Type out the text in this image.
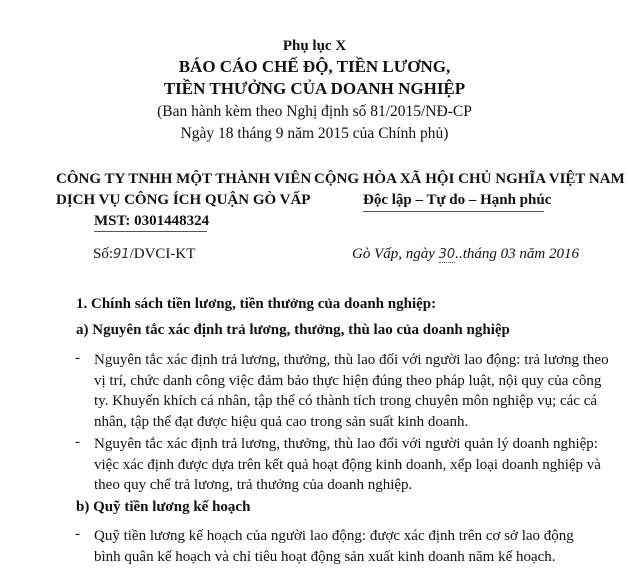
Phụ lục X
BÁO CÁO CHẾ ĐỘ, TIỀN LƯƠNG,
TIỀN THƯỞNG CỦA DOANH NGHIỆP
(Ban hành kèm theo Nghị định số 81/2015/NĐ-CP
Ngày 18 tháng 9 năm 2015 của Chính phủ)
CÔNG TY TNHH MỘT THÀNH VIÊN
DỊCH VỤ CÔNG ÍCH QUẬN GÒ VẤP
MST: 0301448324
CỘNG HÒA XÃ HỘI CHỦ NGHĨA VIỆT NAM
Độc lập – Tự do – Hạnh phúc
Số:91/DVCI-KT	Gò Vấp, ngày 30..tháng 03 năm 2016
1. Chính sách tiền lương, tiền thưởng của doanh nghiệp:
a) Nguyên tắc xác định trả lương, thưởng, thù lao của doanh nghiệp
- Nguyên tắc xác định trả lương, thưởng, thù lao đối với người lao động: trả lương theo
vị trí, chức danh công việc đảm bảo thực hiện đúng theo pháp luật, nội quy của công
ty. Khuyến khích cá nhân, tập thể có thành tích trong chuyên môn nghiệp vụ; các cá
nhân, tập thể đạt được hiệu quả cao trong sản suất kinh doanh.
- Nguyên tắc xác định trả lương, thưởng, thù lao đối với người quản lý doanh nghiệp:
việc xác định được dựa trên kết quả hoạt động kinh doanh, xếp loại doanh nghiệp và
theo quy chế trả lương, trả thưởng của doanh nghiệp.
b) Quỹ tiền lương kế hoạch
- Quỹ tiền lương kế hoạch của người lao động: được xác định trên cơ sở lao động
bình quân kế hoạch và chỉ tiêu hoạt động sản xuất kinh doanh năm kế hoạch.
